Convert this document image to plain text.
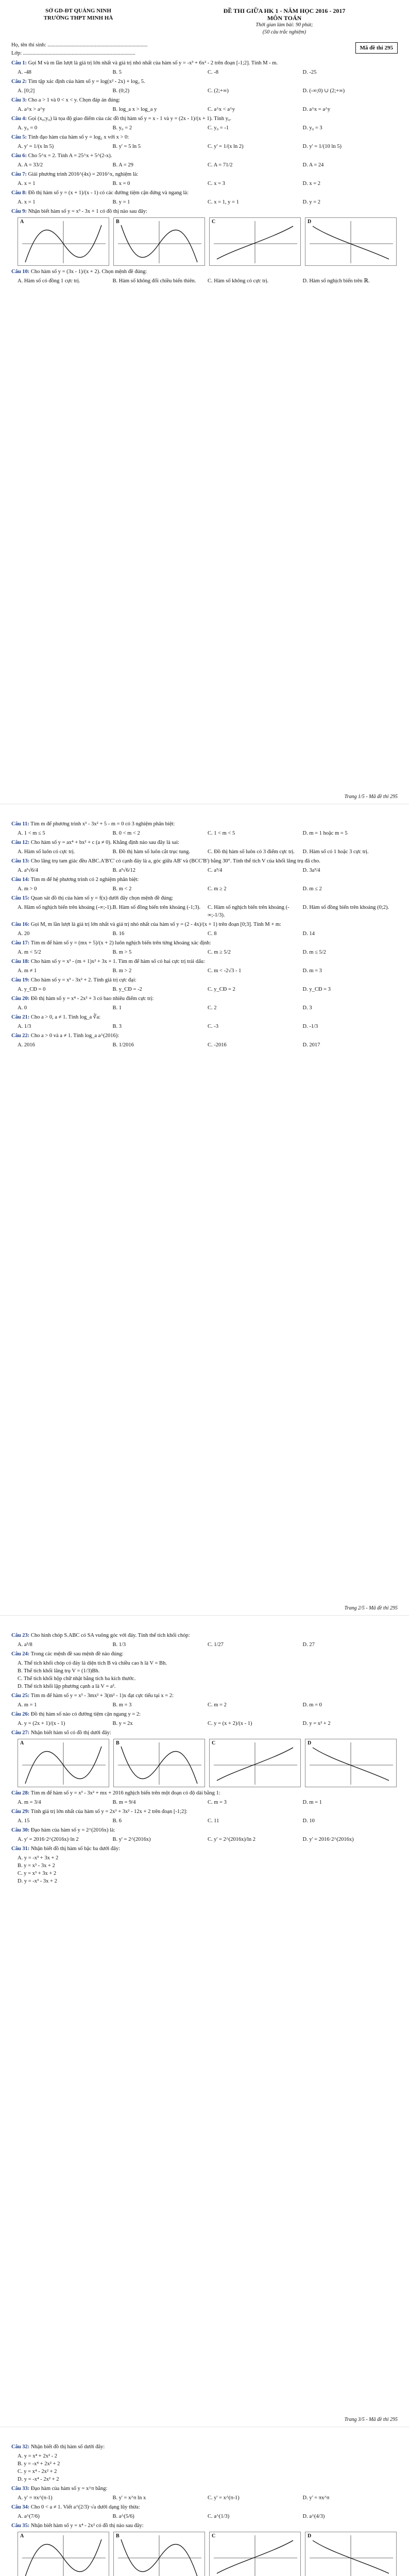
SỞ GD-ĐT QUẢNG NINH
TRƯỜNG THPT MINH HÀ
ĐỀ THI GIỮA HK 1 - NĂM HỌC 2016 - 2017
MÔN TOÁN
Thời gian làm bài: 90 phút;
(50 câu trắc nghiệm)
Họ, tên thí sinh: ..........................................................................
Lớp: ...................................................................................
Mã đề thi 295
Câu 1: Gọi M và m lần lượt là giá trị lớn nhất và giá trị nhỏ nhất của hàm số y = -x³ + 6x² - 2 trên đoạn [-1;2]. Tính M - m.
A. -48	B. 5	C. -8	D. -25
Câu 2: Tìm tập xác định của hàm số y = log(x² - 2x) + log₂ 5.
A. [0;2]	B. (0;2)	C. (2;+∞)	D. (-∞;0) ∪ (2;+∞)
Câu 3: Cho a > 1 và 0 < x < y. Chọn đáp án đúng:
A. a^x > a^y	B. log_a x > log_a y	C. a^x < a^y	D. a^x = a^y
Câu 4: Gọi (x₀;y₀) là tọa độ giao điểm của các đồ thị hàm số y = x - 1 và y = (2x - 1)/(x + 1). Tính y₀.
A. y₀ = 0	B. y₀ = 2	C. y₀ = -1	D. y₀ = 3
Câu 5: Tính đạo hàm của hàm số y = log₂ x với x > 0:
A. y' = 1/(x ln 5)	B. y' = 5 ln 5	C. y' = 1/(x ln 2)	D. y' = 1/(10 ln 5)
Câu 6: Cho 5^x = 2. Tính A = 25^x + 5^(2-x).
A. A = 33/2	B. A = 29	C. A = 71/2	D. A = 24
Câu 7: Giải phương trình 2016^(4x) = 2016^x, nghiệm là:
A. x = 1	B. x = 0	C. x = 3	D. x = 2
Câu 8: Đồ thị hàm số y = (x + 1)/(x - 1) có các đường tiệm cận đứng và ngang là:
A. x = 1	B. y = 1	C. x = 1, y = 1	D. y = 2
Câu 9: Nhận biết hàm số y = x³ - 3x + 1 có đồ thị nào sau đây:
A	B	C	D
Câu 10: Cho hàm số y = (3x - 1)/(x + 2). Chọn mệnh đề đúng:
A. Hàm số có đồng 1 cực trị.	B. Hàm số không đổi chiều biến thiên.	C. Hàm số không có cực trị.	D. Hàm số nghịch biến trên ℝ.
Trang 1/5 - Mã đề thi 295
Câu 11: Tìm m để phương trình x³ - 3x² + 5 - m = 0 có 3 nghiệm phân biệt:
A. 1 < m ≤ 5	B. 0 < m < 2	C. 1 < m < 5	D. m = 1 hoặc m = 5
Câu 12: Cho hàm số y = ax⁴ + bx² + c (a ≠ 0). Khẳng định nào sau đây là sai:
A. Hàm số luôn có cực trị.	B. Đồ thị hàm số luôn cắt trục tung.	C. Đồ thị hàm số luôn có 3 điểm cực trị.	D. Hàm số có 1 hoặc 3 cực trị.
Câu 13: Cho lăng trụ tam giác đều ABC.A'B'C' có cạnh đáy là a, góc giữa AB' và (BCC'B') bằng 30°. Tính thể tích V của khối lăng trụ đã cho.
A. a³√6/4	B. a³√6/12	C. a³/4	D. 3a³/4
Câu 14: Tìm m để hệ phương trình có 2 nghiệm phân biệt:
A. m > 0	B. m < 2	C. m ≥ 2	D. m ≤ 2
Câu 15: Quan sát đồ thị của hàm số y = f(x) dưới đây chọn mệnh đề đúng:
A. Hàm số nghịch biến trên khoảng (-∞;-1). B. Hàm số đồng biến trên khoảng (-1;3).	C. Hàm số nghịch biến trên khoảng (-∞;-1/3).
D. Hàm số đồng biến trên khoảng (0;2).
Câu 16: Gọi M, m lần lượt là giá trị lớn nhất và giá trị nhỏ nhất của hàm số y = (2 - 4x)/(x + 1) trên đoạn [0;3]. Tính M + m:
A. 20	B. 16	C. 8	D. 14
Câu 17: Tìm m để hàm số y = (mx + 5)/(x + 2) luôn nghịch biến trên từng khoảng xác định:
A. m < 5/2	B. m > 5	C. m ≥ 5/2	D. m ≤ 5/2
Câu 18: Cho hàm số y = x³ - (m + 1)x² + 3x + 1. Tìm m để hàm số có hai cực trị trái dấu:
A. m ≠ 1	B. m > 2	C. m < -2√3 - 1	D. m = 3
Câu 19: Cho hàm số y = x³ - 3x² + 2. Tính giá trị cực đại:
A. y_CĐ = 0	B. y_CĐ = -2	C. y_CĐ = 2	D. y_CĐ = 3
Câu 20: Đồ thị hàm số y = x⁴ - 2x² + 3 có bao nhiêu điểm cực trị:
A. 0	B. 1	C. 2	D. 3
Câu 21: Cho a > 0, a ≠ 1. Tính log_a ∛a:
A. 1/3	B. 3	C. -3	D. -1/3
Câu 22: Cho a > 0 và a ≠ 1. Tính log_a a^(2016):
A. 2016	B. 1/2016	C. -2016	D. 2017
Trang 2/5 - Mã đề thi 295
Câu 23: Cho hình chóp S.ABC có SA vuông góc với đáy. Tính thể tích khối chóp:
A. a³/8	B. 1/3	C. 1/27	D. 27
Câu 24: Trong các mệnh đề sau mệnh đề nào đúng:
A. Thể tích khối chóp có đáy là diện tích B và chiều cao h là V = Bh.
B. Thể tích khối lăng trụ V = (1/3)Bh.
C. Thể tích khối hộp chữ nhật bằng tích ba kích thước.
D. Thể tích khối lập phương cạnh a là V = a².
Câu 25: Tìm m để hàm số y = x³ - 3mx² + 3(m² - 1)x đạt cực tiểu tại x = 2:
A. m = 1	B. m = 3	C. m = 2	D. m = 0
Câu 26: Đồ thị hàm số nào có đường tiệm cận ngang y = 2:
A. y = (2x + 1)/(x - 1)	B. y = 2x	C. y = (x + 2)/(x - 1)	D. y = x² + 2
Câu 27: Nhận biết hàm số có đồ thị dưới đây:
A	B	C	D
Câu 28: Tìm m để hàm số y = x³ - 3x² + mx + 2016 nghịch biến trên một đoạn có độ dài bằng 1:
A. m = 3/4	B. m = 9/4	C. m = 3	D. m = 1
Câu 29: Tính giá trị lớn nhất của hàm số y = 2x³ + 3x² - 12x + 2 trên đoạn [-1;2]:
A. 15	B. 6	C. 11	D. 10
Câu 30: Đạo hàm của hàm số y = 2^(2016x) là:
A. y' = 2016·2^(2016x)·ln 2	B. y' = 2^(2016x)	C. y' = 2^(2016x)/ln 2	D. y' = 2016·2^(2016x)
Câu 31: Nhận biết đồ thị hàm số bậc ba dưới đây:
A. y = -x³ + 3x + 2
B. y = x³ - 3x + 2
C. y = x³ + 3x + 2
D. y = -x³ - 3x + 2
Trang 3/5 - Mã đề thi 295
Câu 32: Nhận biết đồ thị hàm số dưới đây:
A. y = x⁴ + 2x² - 2
B. y = -x⁴ + 2x² + 2
C. y = x⁴ - 2x² + 2
D. y = -x⁴ - 2x² + 2
Câu 33: Đạo hàm của hàm số y = x^π bằng:
A. y' = πx^(π-1)	B. y' = x^π ln x	C. y' = x^(π-1)	D. y' = πx^π
Câu 34: Cho 0 < a ≠ 1. Viết a^(2/3)·√a dưới dạng lũy thừa:
A. a^(7/6)	B. a^(5/6)	C. a^(1/3)	D. a^(4/3)
Câu 35: Nhận biết hàm số y = x⁴ - 2x² có đồ thị nào sau đây:
A	B	C	D
